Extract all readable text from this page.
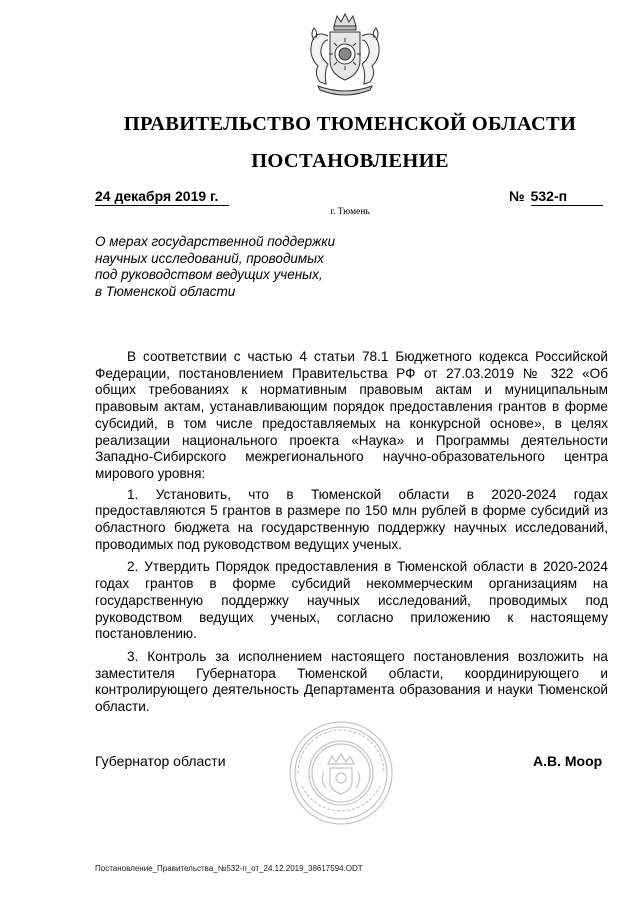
ПРАВИТЕЛЬСТВО ТЮМЕНСКОЙ ОБЛАСТИ
ПОСТАНОВЛЕНИЕ
24 декабря 2019 г.	№ 532-п
г. Тюмень
О мерах государственной поддержки
научных исследований, проводимых
под руководством ведущих ученых,
в Тюменской области

В соответствии с частью 4 статьи 78.1 Бюджетного кодекса Российской Федерации, постановлением Правительства РФ от 27.03.2019 № 322 «Об общих требованиях к нормативным правовым актам и муниципальным правовым актам, устанавливающим порядок предоставления грантов в форме субсидий, в том числе предоставляемых на конкурсной основе», в целях реализации национального проекта «Наука» и Программы деятельности Западно-Сибирского межрегионального научно-образовательного центра мирового уровня:

1. Установить, что в Тюменской области в 2020-2024 годах предоставляются 5 грантов в размере по 150 млн рублей в форме субсидий из областного бюджета на государственную поддержку научных исследований, проводимых под руководством ведущих ученых.

2. Утвердить Порядок предоставления в Тюменской области в 2020-2024 годах грантов в форме субсидий некоммерческим организациям на государственную поддержку научных исследований, проводимых под руководством ведущих ученых, согласно приложению к настоящему постановлению.

3. Контроль за исполнением настоящего постановления возложить на заместителя Губернатора Тюменской области, координирующего и контролирующего деятельность Департамента образования и науки Тюменской области.

Губернатор области	А.В. Моор
Постановление_Правительства_№532-п_от_24.12.2019_38617594.ODT
